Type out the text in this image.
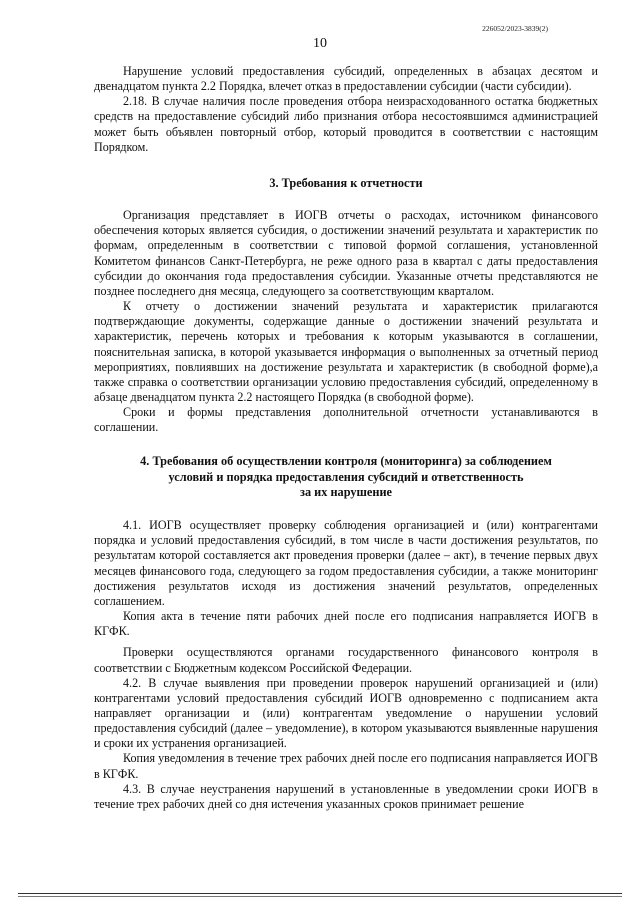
226052/2023-3839(2)
10

Нарушение условий предоставления субсидий, определенных в абзацах десятом и двенадцатом пункта 2.2 Порядка, влечет отказ в предоставлении субсидии (части субсидии).

2.18. В случае наличия после проведения отбора неизрасходованного остатка бюджетных средств на предоставление субсидий либо признания отбора несостоявшимся администрацией может быть объявлен повторный отбор, который проводится в соответствии с настоящим Порядком.

3. Требования к отчетности

Организация представляет в ИОГВ отчеты о расходах, источником финансового обеспечения которых является субсидия, о достижении значений результата и характеристик по формам, определенным в соответствии с типовой формой соглашения, установленной Комитетом финансов Санкт-Петербурга, не реже одного раза в квартал с даты предоставления субсидии до окончания года предоставления субсидии. Указанные отчеты представляются не позднее последнего дня месяца, следующего за соответствующим кварталом.

К отчету о достижении значений результата и характеристик прилагаются подтверждающие документы, содержащие данные о достижении значений результата и характеристик, перечень которых и требования к которым указываются в соглашении, пояснительная записка, в которой указывается информация о выполненных за отчетный период мероприятиях, повлиявших на достижение результата и характеристик (в свободной форме),а также справка о соответствии организации условию предоставления субсидий, определенному в абзаце двенадцатом пункта 2.2 настоящего Порядка (в свободной форме).

Сроки и формы представления дополнительной отчетности устанавливаются в соглашении.

4. Требования об осуществлении контроля (мониторинга) за соблюдением

условий и порядка предоставления субсидий и ответственность

за их нарушение

4.1. ИОГВ осуществляет проверку соблюдения организацией и (или) контрагентами порядка и условий предоставления субсидий, в том числе в части достижения результатов, по результатам которой составляется акт проведения проверки (далее – акт), в течение первых двух месяцев финансового года, следующего за годом предоставления субсидии, а также мониторинг достижения результатов исходя из достижения значений результатов, определенных соглашением.

Копия акта в течение пяти рабочих дней после его подписания направляется ИОГВ в КГФК.

Проверки осуществляются органами государственного финансового контроля в соответствии с Бюджетным кодексом Российской Федерации.

4.2. В случае выявления при проведении проверок нарушений организацией и (или) контрагентами условий предоставления субсидий ИОГВ одновременно с подписанием акта направляет организации и (или) контрагентам уведомление о нарушении условий предоставления субсидий (далее – уведомление), в котором указываются выявленные нарушения и сроки их устранения организацией.

Копия уведомления в течение трех рабочих дней после его подписания направляется ИОГВ в КГФК.

4.3. В случае неустранения нарушений в установленные в уведомлении сроки ИОГВ в течение трех рабочих дней со дня истечения указанных сроков принимает решение
